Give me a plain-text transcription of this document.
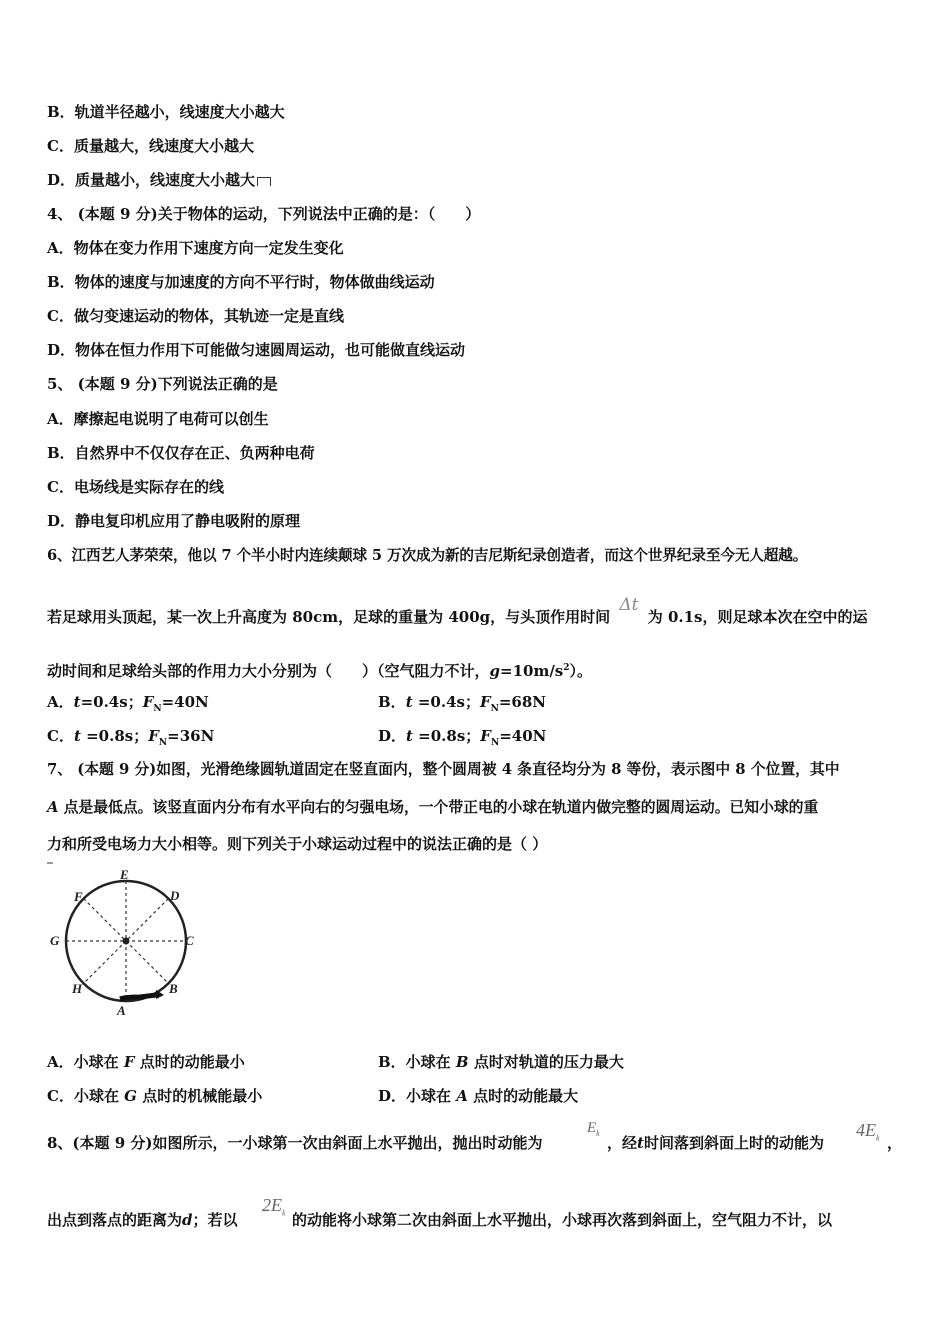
B．轨道半径越小，线速度大小越大
C．质量越大，线速度大小越大
D．质量越小，线速度大小越大
4、 (本题 9 分)关于物体的运动，下列说法中正确的是：（　　）
A．物体在变力作用下速度方向一定发生变化
B．物体的速度与加速度的方向不平行时，物体做曲线运动
C．做匀变速运动的物体，其轨迹一定是直线
D．物体在恒力作用下可能做匀速圆周运动，也可能做直线运动
5、 (本题 9 分)下列说法正确的是
A．摩擦起电说明了电荷可以创生
B．自然界中不仅仅存在正、负两种电荷
C．电场线是实际存在的线
D．静电复印机应用了静电吸附的原理
6、江西艺人茅荣荣，他以 7 个半小时内连续颠球 5 万次成为新的吉尼斯纪录创造者，而这个世界纪录至今无人超越。
若足球用头顶起，某一次上升高度为 80cm，足球的重量为 400g，与头顶作用时间 Δt 为 0.1s，则足球本次在空中的运
动时间和足球给头部的作用力大小分别为（　　）（空气阻力不计，$g=10m/s^2$）。
A．t=0.4s；$F_N=40N$	B．t =0.4s；$F_N=68N$
C．t =0.8s；$F_N=36N$	D．t =0.8s；$F_N=40N$
7、 (本题 9 分)如图，光滑绝缘圆轨道固定在竖直面内，整个圆周被 4 条直径均分为 8 等份，表示图中 8 个位置，其中
A 点是最低点。该竖直面内分布有水平向右的匀强电场，一个带正电的小球在轨道内做完整的圆周运动。已知小球的重
力和所受电场力大小相等。则下列关于小球运动过程中的说法正确的是（ ）
E
D
C
B
A
H
G
F
A．小球在 F 点时的动能最小	B．小球在 B 点时对轨道的压力最大
C．小球在 G 点时的机械能最小	D．小球在 A 点时的动能最大
8、(本题 9 分)如图所示，一小球第一次由斜面上水平抛出，抛出时动能为
$E_k$
，经t时间落到斜面上时的动能为
$4E_k$ ，
出点到落点的距离为d；若以
$2E_k$ 的动能将小球第二次由斜面上水平抛出，小球再次落到斜面上，空气阻力不计，以
